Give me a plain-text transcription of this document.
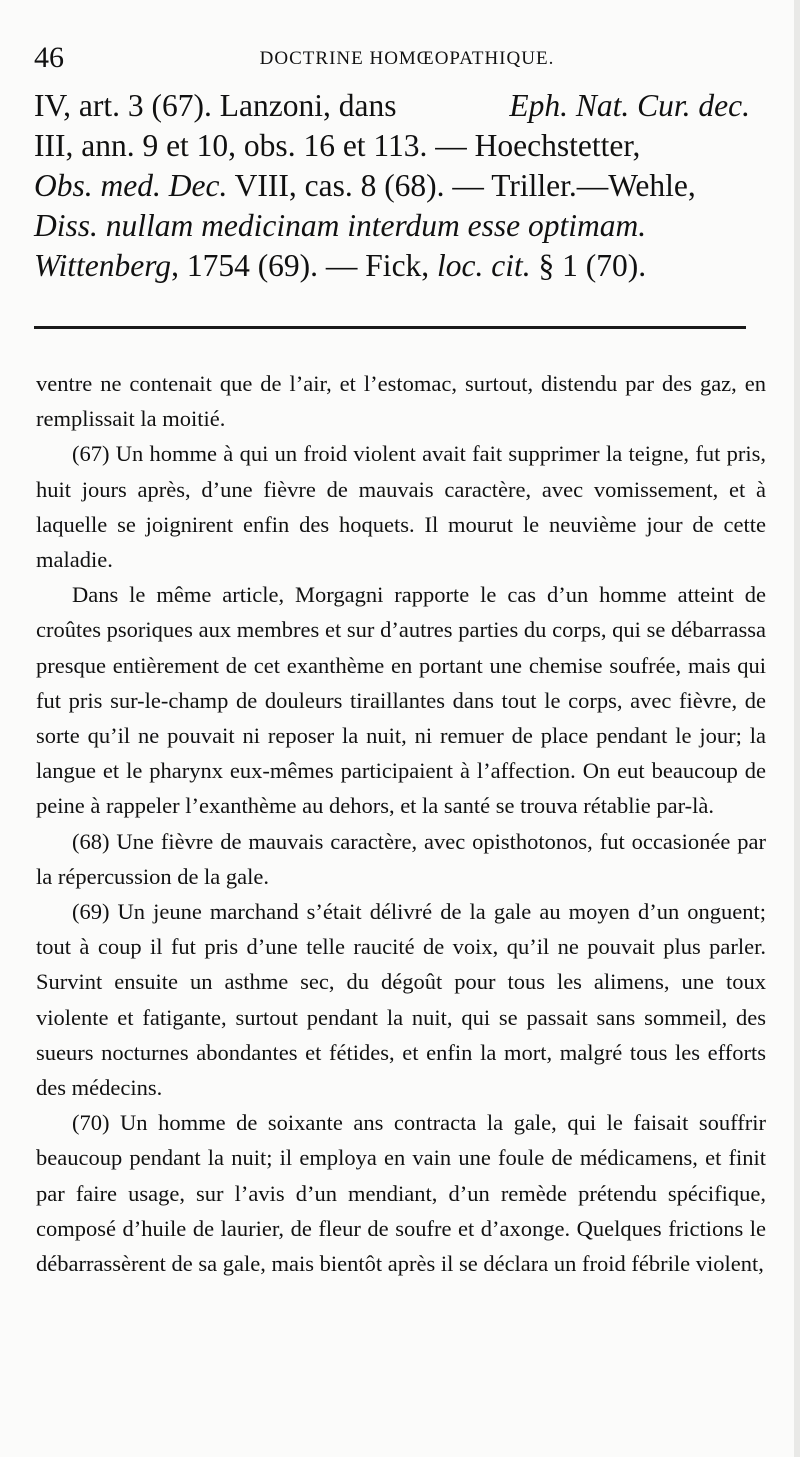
46	DOCTRINE HOMŒOPATHIQUE.
IV, art. 3 (67). Lanzoni, dans	Eph. Nat. Cur. dec.
III, ann. 9 et 10, obs. 16 et 113. — Hoechstetter,
Obs. med. Dec. VIII, cas. 8 (68). — Triller.—Wehle,
Diss. nullam medicinam interdum esse optimam.
Wittenberg, 1754 (69). — Fick, loc. cit. § 1 (70).

ventre ne contenait que de l’air, et l’estomac, surtout, distendu par des gaz, en remplissait la moitié.

(67) Un homme à qui un froid violent avait fait supprimer la teigne, fut pris, huit jours après, d’une fièvre de mauvais caractère, avec vomissement, et à laquelle se joignirent enfin des hoquets. Il mourut le neuvième jour de cette maladie.

Dans le même article, Morgagni rapporte le cas d’un homme atteint de croûtes psoriques aux membres et sur d’autres parties du corps, qui se débarrassa presque entièrement de cet exanthème en portant une chemise soufrée, mais qui fut pris sur-le-champ de douleurs tiraillantes dans tout le corps, avec fièvre, de sorte qu’il ne pouvait ni reposer la nuit, ni remuer de place pendant le jour; la langue et le pharynx eux-mêmes participaient à l’affection. On eut beaucoup de peine à rappeler l’exanthème au dehors, et la santé se trouva rétablie par-là.

(68) Une fièvre de mauvais caractère, avec opisthotonos, fut occasionée par la répercussion de la gale.

(69) Un jeune marchand s’était délivré de la gale au moyen d’un onguent; tout à coup il fut pris d’une telle raucité de voix, qu’il ne pouvait plus parler. Survint ensuite un asthme sec, du dégoût pour tous les alimens, une toux violente et fatigante, surtout pendant la nuit, qui se passait sans sommeil, des sueurs nocturnes abondantes et fétides, et enfin la mort, malgré tous les efforts des médecins.

(70) Un homme de soixante ans contracta la gale, qui le faisait souffrir beaucoup pendant la nuit; il employa en vain une foule de médicamens, et finit par faire usage, sur l’avis d’un mendiant, d’un remède prétendu spécifique, composé d’huile de laurier, de fleur de soufre et d’axonge. Quelques frictions le débarrassèrent de sa gale, mais bientôt après il se déclara un froid fébrile violent,
